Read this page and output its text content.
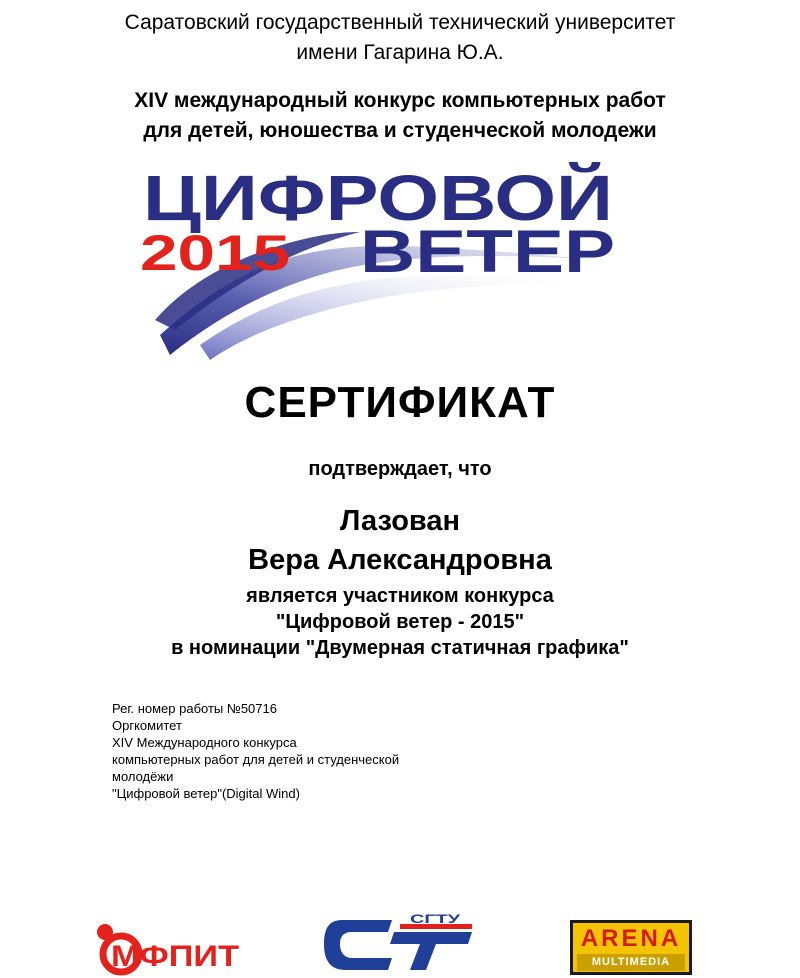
Саратовский государственный технический университет
имени Гагарина Ю.А.
XIV международный конкурс компьютерных работ
для детей, юношества и студенческой молодежи
ЦИФРОВОЙ
2015 ВЕТЕР
СЕРТИФИКАТ
подтверждает, что
Лазован
Вера Александровна
является участником конкурса
"Цифровой ветер - 2015"
в номинации "Двумерная статичная графика"
Рег. номер работы №50716
Оргкомитет
XIV Международного конкурса
компьютерных работ для детей и студенческой
молодёжи
"Цифровой ветер"(Digital Wind)
МФПИТ
СГТУ
ARENA
MULTIMEDIA
